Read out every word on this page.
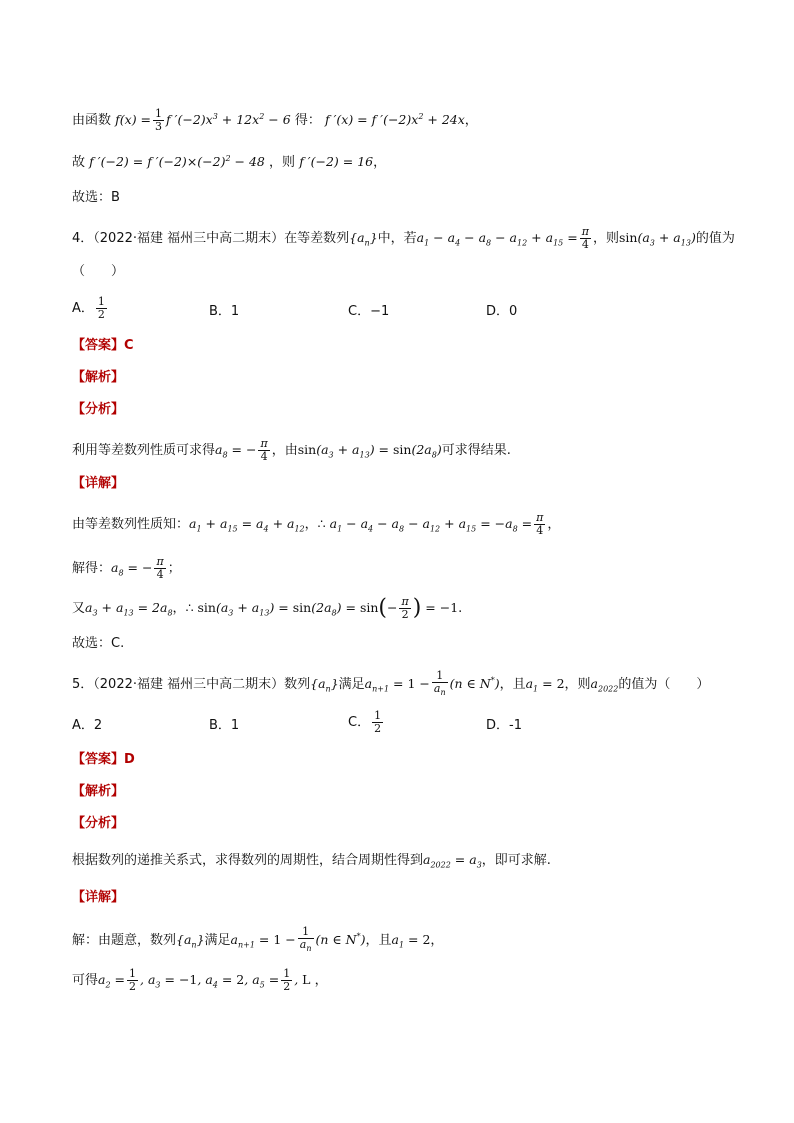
由函数 $f(x) = \frac{1}{3}$ f $'(-2)x^3 + 12x^2 - 6$ 得： f ′(x) = f $'(-2)x^2 + 24x$，
故 f ′(−2) = f $'(-2)\times(-2)^2 - 48$ ，则 f ′(−2) = 16，
故选：B
4．（2022·福建 福州三中高二期末）在等差数列$\{a_n\}$中，若$a_1 - a_4 - a_8 - a_{12} + a_{15} = \frac{\pi}{4}$ ，则$\sin(a_3 + a_{13})$的值为
（　　）
A． $\frac{1}{2}$	B．1	C．−1	D．0
【答案】C
【解析】
【分析】
利用等差数列性质可求得$a_8$ = − $\frac{\pi}{4}$ ，由$\sin(a_3 + a_{13}) = \sin(2a_8)$可求得结果.
【详解】
由等差数列性质知：$a_1 + a_{15} = a_4 + a_{12}$，∴ $a_1 - a_4 - a_8 - a_{12} + a_{15} = -a_8 = \frac{\pi}{4}$ ，
解得：$a_8$ = − $\frac{\pi}{4}$ ；
又$a_3 + a_{13} = 2a_8$，∴ $\sin(a_3 + a_{13}) = \sin(2a_8) = \sin(- \frac{\pi}{2}$ ) = −1.
故选：C.
5．（2022·福建 福州三中高二期末）数列$\{a_n\}$满足$a_{n+1} = 1 - \frac{1}{a_n} (n$ ∈ N*)，且$a_1 = 2$，则$a_{2022}$的值为（　　）
A．2	B．1	C． $\frac{1}{2}$	D．-1
【答案】D
【解析】
【分析】
根据数列的递推关系式，求得数列的周期性，结合周期性得到$a_{2022} = a_3$，即可求解.
【详解】
解：由题意，数列$\{a_n\}$满足$a_{n+1} = 1 - \frac{1}{a_n} (n$ ∈ N*)，且$a_1 = 2$，
可得$a_2 = \frac{1}{2}$ , $a_3 = -1$, $a_4 = 2$, $a_5 = \frac{1}{2}$ , L ，
